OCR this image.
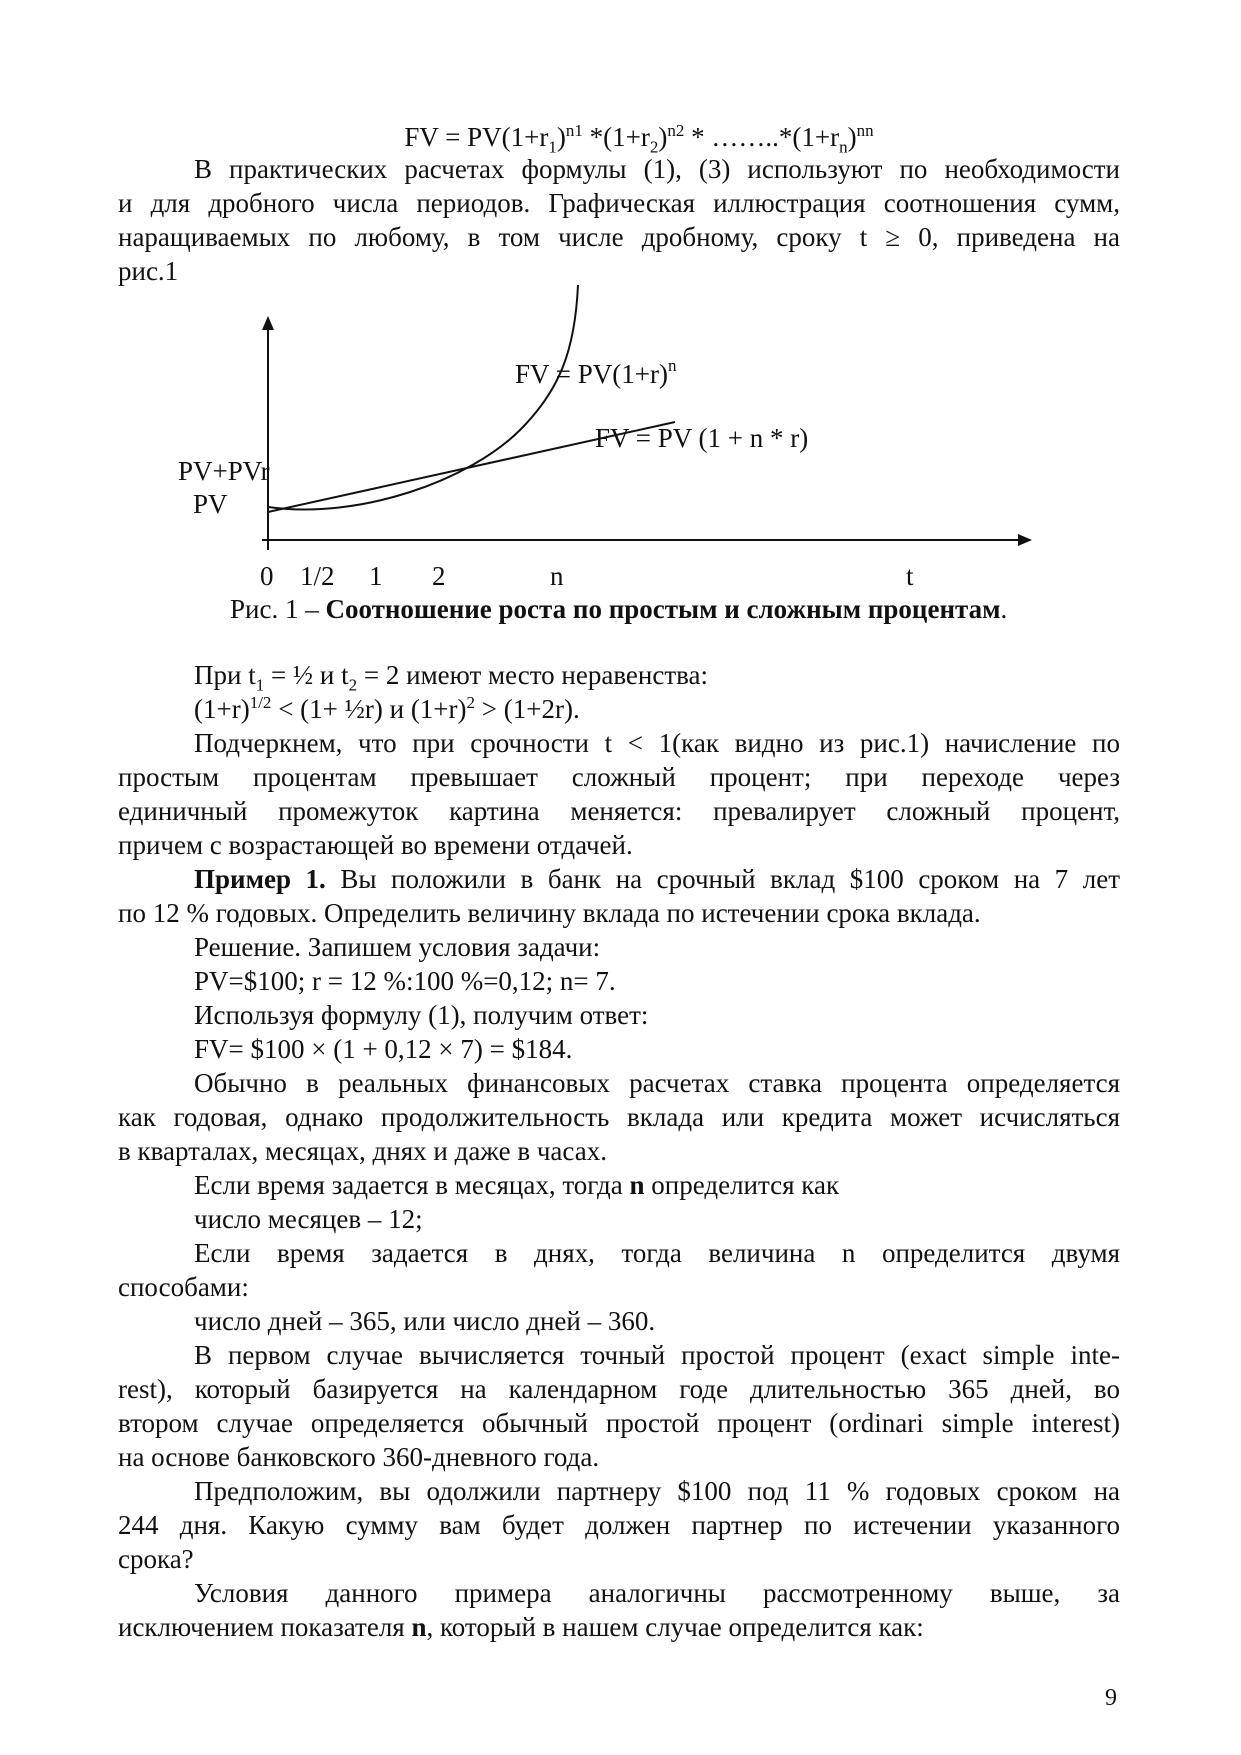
FV = $PV(1+r_1)^{n1}$ $*(1+r_2)^{n2}$ * $\dots\dots..*(1+r_n)^{nn}$
В практических расчетах формулы (1), (3) используют по необходимости
и для дробного числа периодов. Графическая иллюстрация соотношения сумм,
наращиваемых по любому, в том числе дробному, сроку t ≥ 0, приведена на
рис.1
FV = $PV(1+r)^n$
FV = PV (1 + n * r)
PV+PVr
PV
0 1/2 1 2	n	t
Рис. 1 – Соотношение роста по простым и сложным процентам.
При $t_1$ = ½ и $t_2 = 2$ имеют место неравенства:
$(1+r)^{1/2} < (1+$ ½r) и $(1+r)^2 > (1+2r)$.
Подчеркнем, что при срочности t < 1(как видно из рис.1) начисление по
простым процентам превышает сложный процент; при переходе через
единичный промежуток картина меняется: превалирует сложный процент,
причем с возрастающей во времени отдачей.
Пример 1. Вы положили в банк на срочный вклад $100 сроком на 7 лет
по 12 % годовых. Определить величину вклада по истечении срока вклада.
Решение. Запишем условия задачи:
PV=$100; r = 12 %:100 %=0,12; n= 7.
Используя формулу (1), получим ответ:
FV= $100 × (1 + 0,12 × 7) = $184.
Обычно в реальных финансовых расчетах ставка процента определяется
как годовая, однако продолжительность вклада или кредита может исчисляться
в кварталах, месяцах, днях и даже в часах.
Если время задается в месяцах, тогда n определится как
число месяцев – 12;
Если время задается в днях, тогда величина n определится двумя
способами:
число дней – 365, или число дней – 360.
В первом случае вычисляется точный простой процент (exact simple inte-
rest), который базируется на календарном годе длительностью 365 дней, во
втором случае определяется обычный простой процент (ordinari simple interest)
на основе банковского 360-дневного года.
Предположим, вы одолжили партнеру $100 под 11 % годовых сроком на
244 дня. Какую сумму вам будет должен партнер по истечении указанного
срока?
Условия данного примера аналогичны рассмотренному выше, за
исключением показателя n, который в нашем случае определится как:
9
